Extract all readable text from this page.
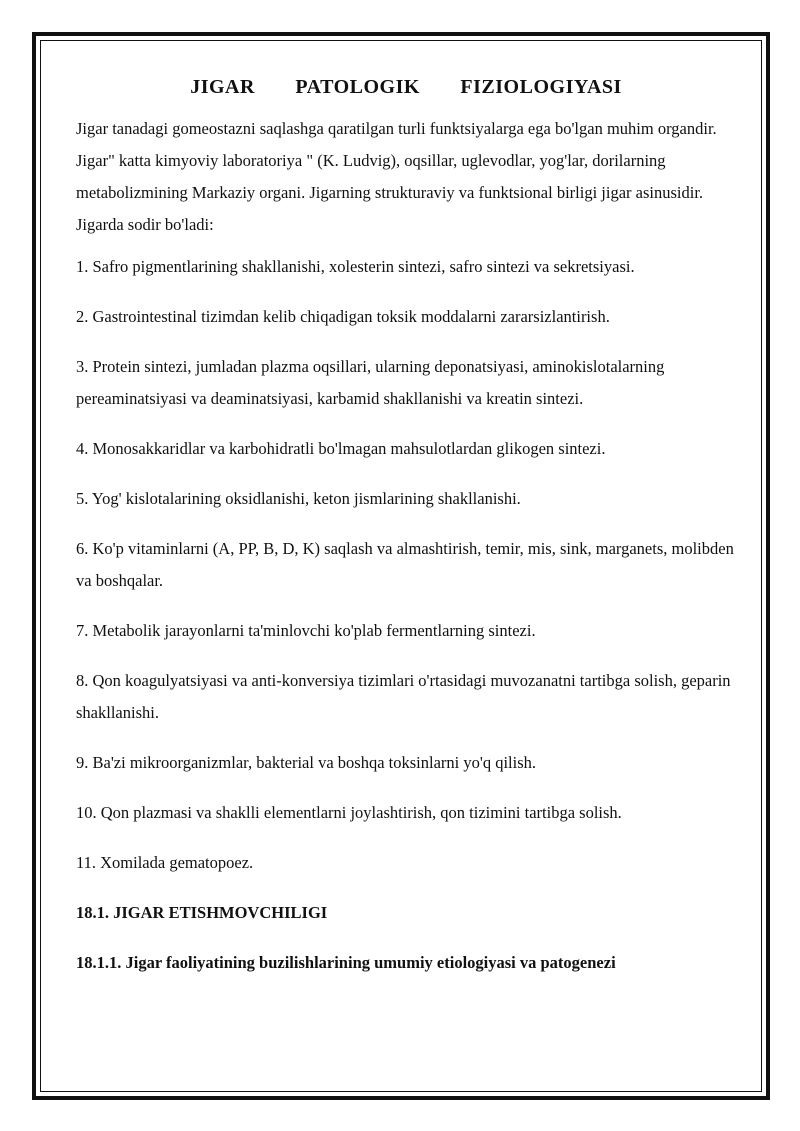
JIGAR   PATOLOGIK   FIZIOLOGIYASI

Jigar tanadagi gomeostazni saqlashga qaratilgan turli funktsiyalarga ega bo'lgan muhim organdir. Jigar" katta kimyoviy laboratoriya " (K. Ludvig), oqsillar, uglevodlar, yog'lar, dorilarning metabolizmining Markaziy organi. Jigarning strukturaviy va funktsional birligi jigar asinusidir. Jigarda sodir bo'ladi:

1. Safro pigmentlarining shakllanishi, xolesterin sintezi, safro sintezi va sekretsiyasi.

2. Gastrointestinal tizimdan kelib chiqadigan toksik moddalarni zararsizlantirish.

3. Protein sintezi, jumladan plazma oqsillari, ularning deponatsiyasi, aminokislotalarning pereaminatsiyasi va deaminatsiyasi, karbamid shakllanishi va kreatin sintezi.

4. Monosakkaridlar va karbohidratli bo'lmagan mahsulotlardan glikogen sintezi.

5. Yog' kislotalarining oksidlanishi, keton jismlarining shakllanishi.

6. Ko'p vitaminlarni (A, PP, B, D, K) saqlash va almashtirish, temir, mis, sink, marganets, molibden va boshqalar.

7. Metabolik jarayonlarni ta'minlovchi ko'plab fermentlarning sintezi.

8. Qon koagulyatsiyasi va anti-konversiya tizimlari o'rtasidagi muvozanatni tartibga solish, geparin shakllanishi.

9. Ba'zi mikroorganizmlar, bakterial va boshqa toksinlarni yo'q qilish.

10. Qon plazmasi va shaklli elementlarni joylashtirish, qon tizimini tartibga solish.

11. Xomilada gematopoez.

18.1. JIGAR ETISHMOVCHILIGI

18.1.1. Jigar faoliyatining buzilishlarining umumiy etiologiyasi va patogenezi
